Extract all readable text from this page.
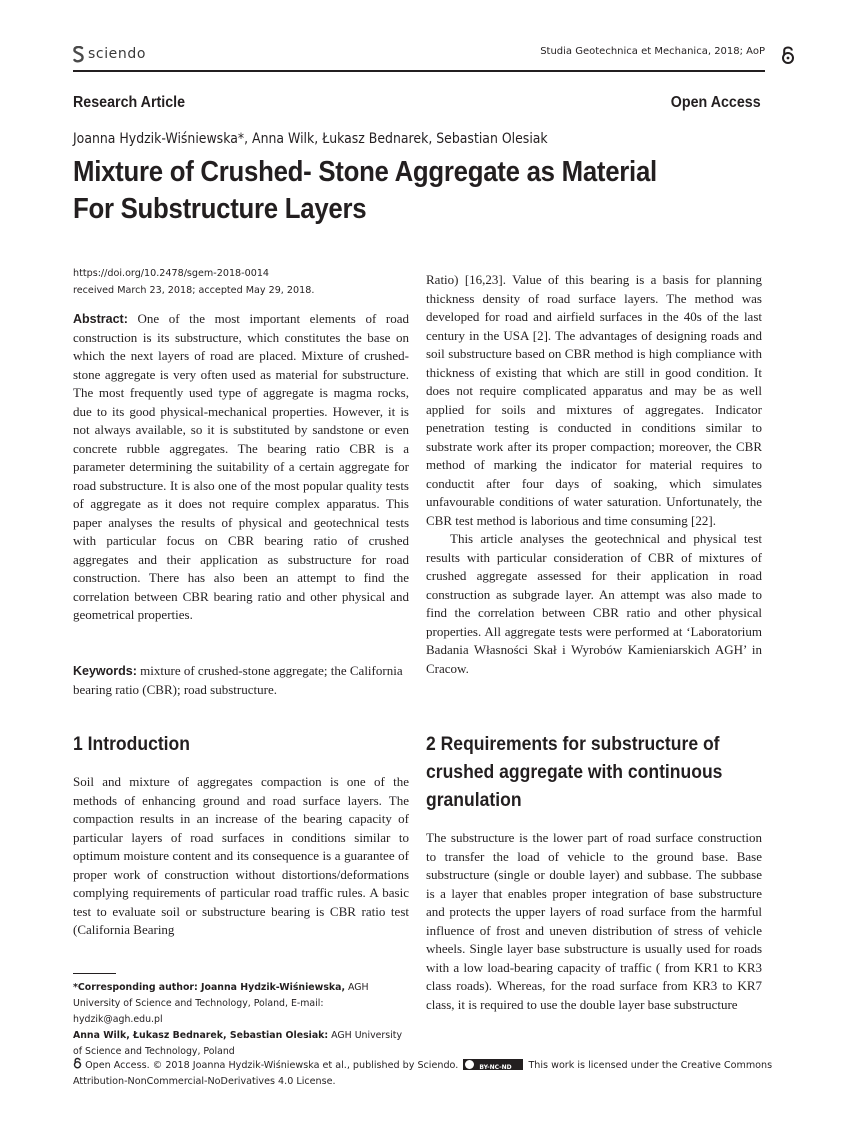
sciendo	Studia Geotechnica et Mechanica, 2018; AoP
Research Article	Open Access
Joanna Hydzik-Wiśniewska*, Anna Wilk, Łukasz Bednarek, Sebastian Olesiak
Mixture of Crushed- Stone Aggregate as Material
For Substructure Layers
https://doi.org/10.2478/sgem-2018-0014
received March 23, 2018; accepted May 29, 2018.

Abstract: One of the most important elements of road construction is its substructure, which constitutes the base on which the next layers of road are placed. Mixture of crushed-stone aggregate is very often used as material for substructure. The most frequently used type of aggregate is magma rocks, due to its good physical-mechanical properties. However, it is not always available, so it is substituted by sandstone or even concrete rubble aggregates. The bearing ratio CBR is a parameter determining the suitability of a certain aggregate for road substructure. It is also one of the most popular quality tests of aggregate as it does not require complex apparatus. This paper analyses the results of physical and geotechnical tests with particular focus on CBR bearing ratio of crushed aggregates and their application as substructure for road construction. There has also been an attempt to find the correlation between CBR bearing ratio and other physical and geometrical properties.

Keywords: mixture of crushed-stone aggregate; the California bearing ratio (CBR); road substructure.

1 Introduction

Soil and mixture of aggregates compaction is one of the methods of enhancing ground and road surface layers. The compaction results in an increase of the bearing capacity of particular layers of road surfaces in conditions similar to optimum moisture content and its consequence is a guarantee of proper work of construction without distortions/deformations complying requirements of particular road traffic rules. A basic test to evaluate soil or substructure bearing is CBR ratio test (California Bearing

Ratio) [16,23]. Value of this bearing is a basis for planning thickness density of road surface layers. The method was developed for road and airfield surfaces in the 40s of the last century in the USA [2]. The advantages of designing roads and soil substructure based on CBR method is high compliance with thickness of existing that which are still in good condition. It does not require complicated apparatus and may be as well applied for soils and mixtures of aggregates. Indicator penetration testing is conducted in conditions similar to substrate work after its proper compaction; moreover, the CBR method of marking the indicator for material requires to conductit after four days of soaking, which simulates unfavourable conditions of water saturation. Unfortunately, the CBR test method is laborious and time consuming [22].

This article analyses the geotechnical and physical test results with particular consideration of CBR of mixtures of crushed aggregate assessed for their application in road construction as subgrade layer. An attempt was also made to find the correlation between CBR ratio and other physical properties. All aggregate tests were performed at ‘Laboratorium Badania Własności Skał i Wyrobów Kamieniarskich AGH’ in Cracow.

2 Requirements for substructure of crushed aggregate with continuous granulation

The substructure is the lower part of road surface construction to transfer the load of vehicle to the ground base. Base substructure (single or double layer) and subbase. The subbase is a layer that enables proper integration of base substructure and protects the upper layers of road surface from the harmful influence of frost and uneven distribution of stress of vehicle wheels. Single layer base substructure is usually used for roads with a low load-bearing capacity of traffic ( from KR1 to KR3 class roads). Whereas, for the road surface from KR3 to KR7 class, it is required to use the double layer base substructure

*Corresponding author: Joanna Hydzik-Wiśniewska, AGH University of Science and Technology, Poland, E-mail: hydzik@agh.edu.pl
Anna Wilk, Łukasz Bednarek, Sebastian Olesiak: AGH University of Science and Technology, Poland
Open Access. © 2018 Joanna Hydzik-Wiśniewska et al., published by Sciendo.	BY-NC-ND This work is licensed under the Creative Commons Attribution-NonCommercial-NoDerivatives 4.0 License.
